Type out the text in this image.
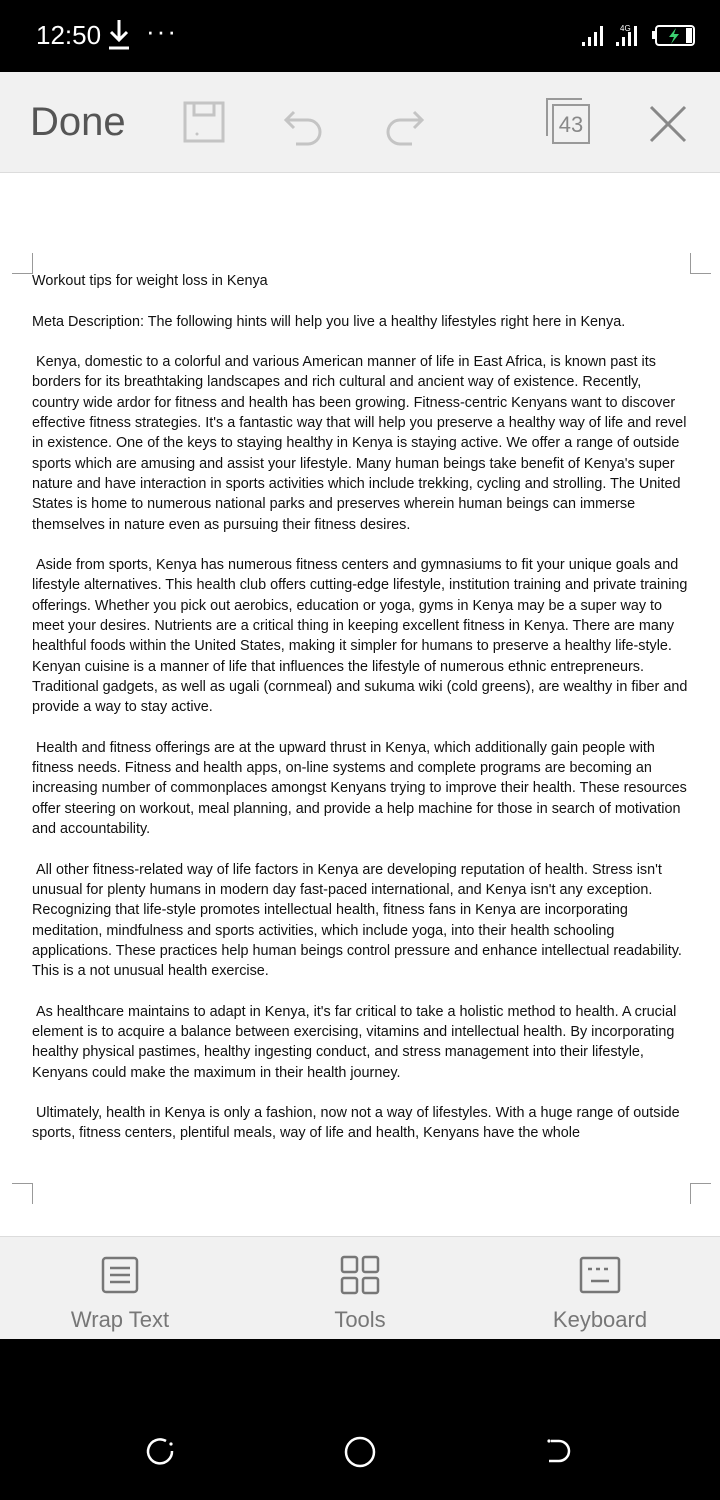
12:50 ···	4G
Done	43

Workout tips for weight loss in Kenya

Meta Description: The following hints will help you live a healthy lifestyles right here in Kenya.

Kenya, domestic to a colorful and various American manner of life in East Africa, is known past its borders for its breathtaking landscapes and rich cultural and ancient way of existence. Recently, country wide ardor for fitness and health has been growing. Fitness-centric Kenyans want to discover effective fitness strategies. It's a fantastic way that will help you preserve a healthy way of life and revel in existence. One of the keys to staying healthy in Kenya is staying active. We offer a range of outside sports which are amusing and assist your lifestyle. Many human beings take benefit of Kenya's super nature and have interaction in sports activities which include trekking, cycling and strolling. The United States is home to numerous national parks and preserves wherein human beings can immerse themselves in nature even as pursuing their fitness desires.

Aside from sports, Kenya has numerous fitness centers and gymnasiums to fit your unique goals and lifestyle alternatives. This health club offers cutting-edge lifestyle, institution training and private training offerings. Whether you pick out aerobics, education or yoga, gyms in Kenya may be a super way to meet your desires. Nutrients are a critical thing in keeping excellent fitness in Kenya. There are many healthful foods within the United States, making it simpler for humans to preserve a healthy life-style. Kenyan cuisine is a manner of life that influences the lifestyle of numerous ethnic entrepreneurs. Traditional gadgets, as well as ugali (cornmeal) and sukuma wiki (cold greens), are wealthy in fiber and provide a way to stay active.

Health and fitness offerings are at the upward thrust in Kenya, which additionally gain people with fitness needs. Fitness and health apps, on-line systems and complete programs are becoming an increasing number of commonplaces amongst Kenyans trying to improve their health. These resources offer steering on workout, meal planning, and provide a help machine for those in search of motivation and accountability.

All other fitness-related way of life factors in Kenya are developing reputation of health. Stress isn't unusual for plenty humans in modern day fast-paced international, and Kenya isn't any exception. Recognizing that life-style promotes intellectual health, fitness fans in Kenya are incorporating meditation, mindfulness and sports activities, which include yoga, into their health schooling applications. These practices help human beings control pressure and enhance intellectual readability. This is a not unusual health exercise.

As healthcare maintains to adapt in Kenya, it's far critical to take a holistic method to health. A crucial element is to acquire a balance between exercising, vitamins and intellectual health. By incorporating healthy physical pastimes, healthy ingesting conduct, and stress management into their lifestyle, Kenyans could make the maximum in their health journey.

Ultimately, health in Kenya is only a fashion, now not a way of lifestyles. With a huge range of outside sports, fitness centers, plentiful meals, way of life and health, Kenyans have the whole

Wrap Text	Tools	Keyboard
